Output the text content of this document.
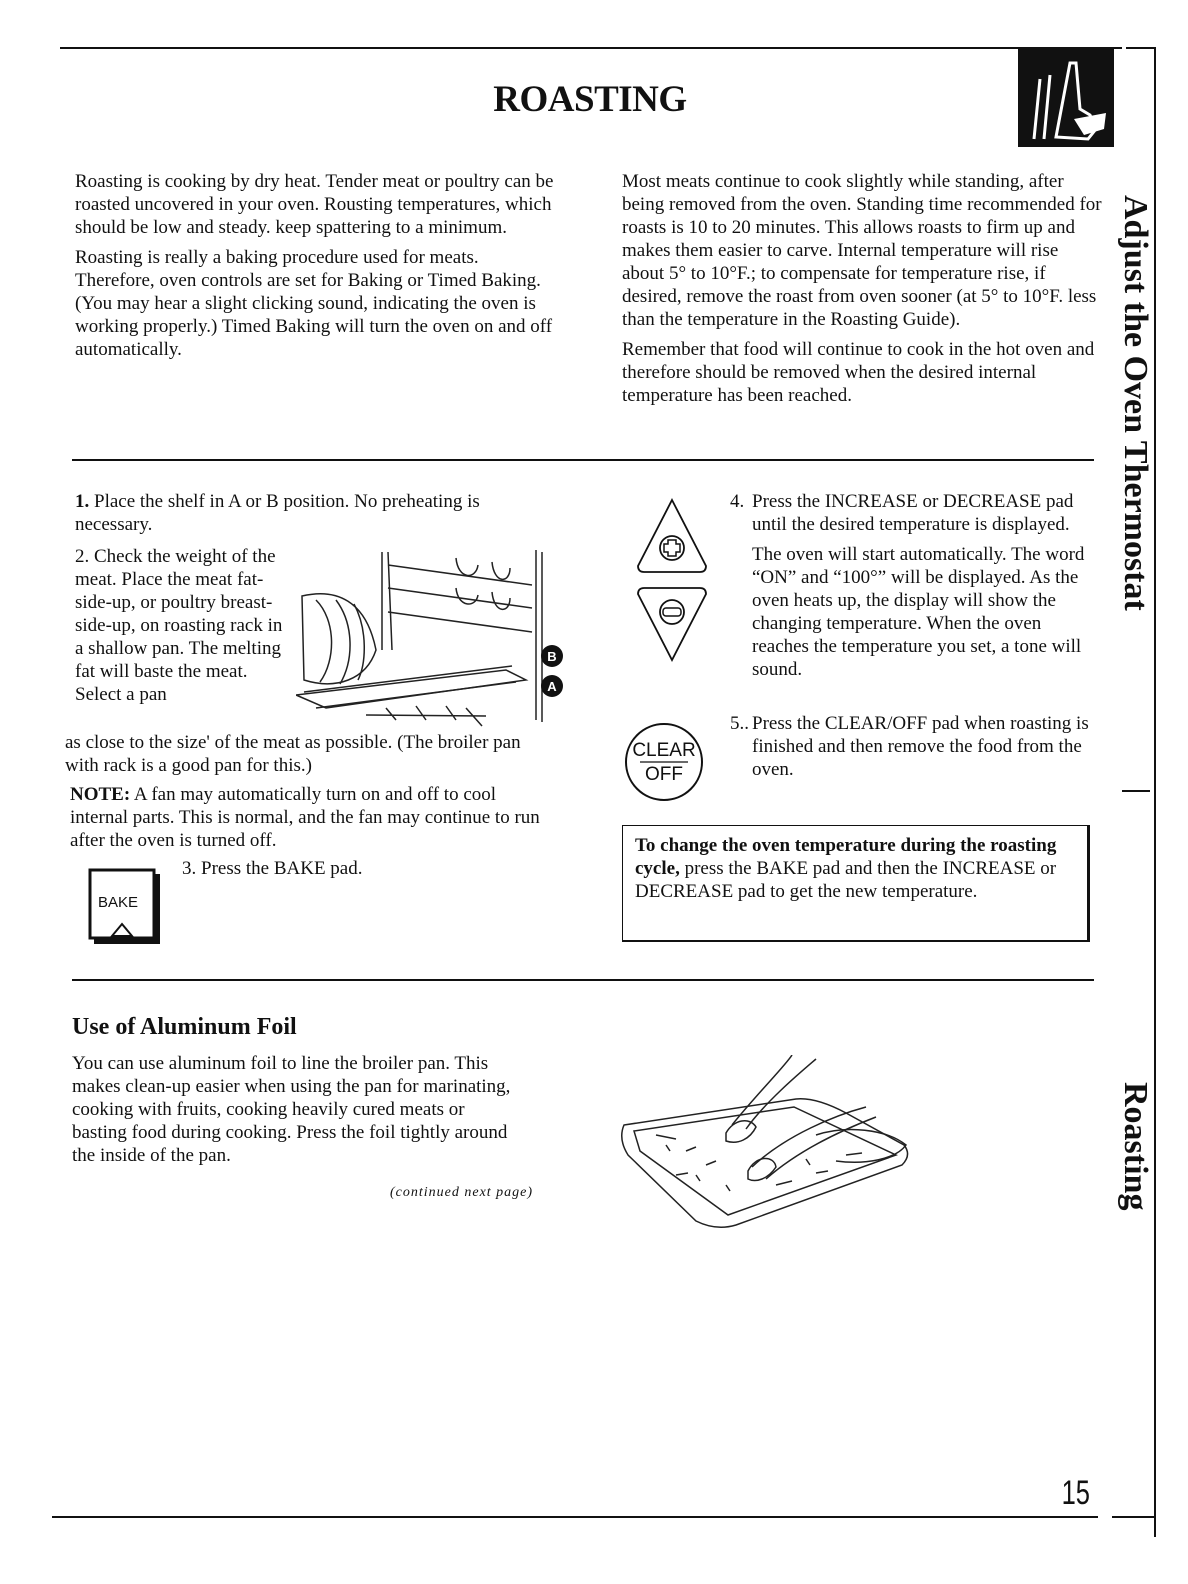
ROASTING
Adjust the Oven Thermostat
Roasting

Roasting is cooking by dry heat. Tender meat or poultry can be roasted uncovered in your oven. Rousting temperatures, which should be low and steady. keep spattering to a minimum.

Roasting is really a baking procedure used for meats. Therefore, oven controls are set for Baking or Timed Baking. (You may hear a slight clicking sound, indicating the oven is working properly.) Timed Baking will turn the oven on and off automatically.

Most meats continue to cook slightly while standing, after being removed from the oven. Standing time recommended for roasts is 10 to 20 minutes. This allows roasts to firm up and makes them easier to carve. Internal temperature will rise about 5° to 10°F.; to compensate for temperature rise, if desired, remove the roast from oven sooner (at 5° to 10°F. less than the temperature in the Roasting Guide).

Remember that food will continue to cook in the hot oven and therefore should be removed when the desired internal temperature has been reached.

1. Place the shelf in A or B position. No preheating is necessary.
2. Check the weight of the meat. Place the meat fat-side-up, or poultry breast-side-up, on roasting rack in a shallow pan. The melting fat will baste the meat. Select a pan
as close to the size' of the meat as possible. (The broiler pan with rack is a good pan for this.)
B
A
NOTE: A fan may automatically turn on and off to cool internal parts. This is normal, and the fan may continue to run after the oven is turned off.
BAKE
3. Press the BAKE pad.
4. Press the INCREASE or DECREASE pad until the desired temperature is displayed.
The oven will start automatically. The word “ON” and “100°” will be displayed. As the oven heats up, the display will show the changing temperature. When the oven reaches the temperature you set, a tone will sound.
CLEAR
OFF
5.. Press the CLEAR/OFF pad when roasting is finished and then remove the food from the oven.
To change the oven temperature during the roasting cycle, press the BAKE pad and then the INCREASE or DECREASE pad to get the new temperature.
Use of Aluminum Foil
You can use aluminum foil to line the broiler pan. This makes clean-up easier when using the pan for marinating, cooking with fruits, cooking heavily cured meats or basting food during cooking. Press the foil tightly around the inside of the pan.
(continued next page)
15
